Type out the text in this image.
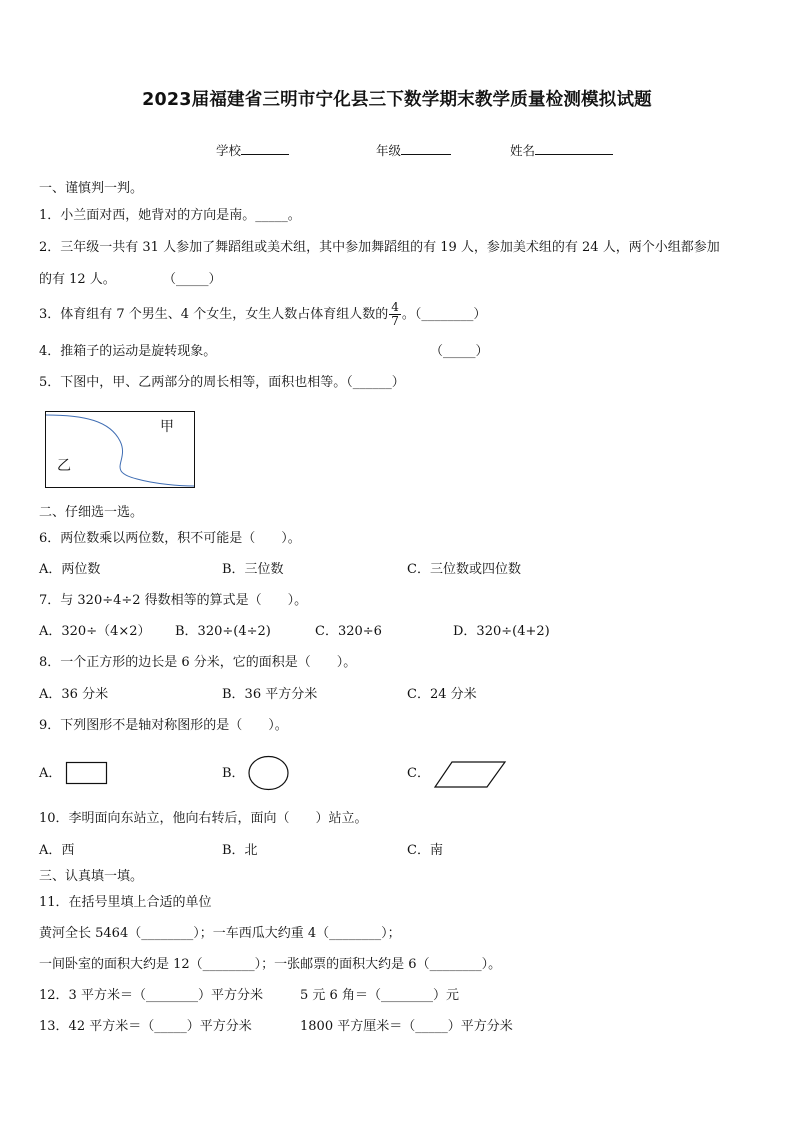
2023届福建省三明市宁化县三下数学期末教学质量检测模拟试题
学校	年级	姓名
一、谨慎判一判。
1．小兰面对西，她背对的方向是南。_____。
2．三年级一共有 31 人参加了舞蹈组或美术组，其中参加舞蹈组的有 19 人，参加美术组的有 24 人，两个小组都参加
的有 12 人。	（_____）
3．体育组有 7 个男生、4 个女生，女生人数占体育组人数的 $\frac{4}{7}$ 。（________）
4．推箱子的运动是旋转现象。	（_____）
5．下图中，甲、乙两部分的周长相等，面积也相等。（______）
甲
乙
二、仔细选一选。
6．两位数乘以两位数，积不可能是（　　）。
A．两位数	B．三位数	C．三位数或四位数
7．与 320÷4÷2 得数相等的算式是（　　）。
A．320÷（4×2） B．320÷(4÷2)	C．320÷6	D．320÷(4+2)
8．一个正方形的边长是 6 分米，它的面积是（　　）。
A．36 分米	B．36 平方分米	C．24 分米
9．下列图形不是轴对称图形的是（　　）。
A．	B．	C．
10．李明面向东站立，他向右转后，面向（　　）站立。
A．西	B．北	C．南
三、认真填一填。
11．在括号里填上合适的单位
黄河全长 5464（________）；一车西瓜大约重 4（________）；
一间卧室的面积大约是 12（________）；一张邮票的面积大约是 6（________）。
12．3 平方米＝（________）平方分米	5 元 6 角＝（________）元
13．42 平方米＝（_____）平方分米	1800 平方厘米＝（_____）平方分米
